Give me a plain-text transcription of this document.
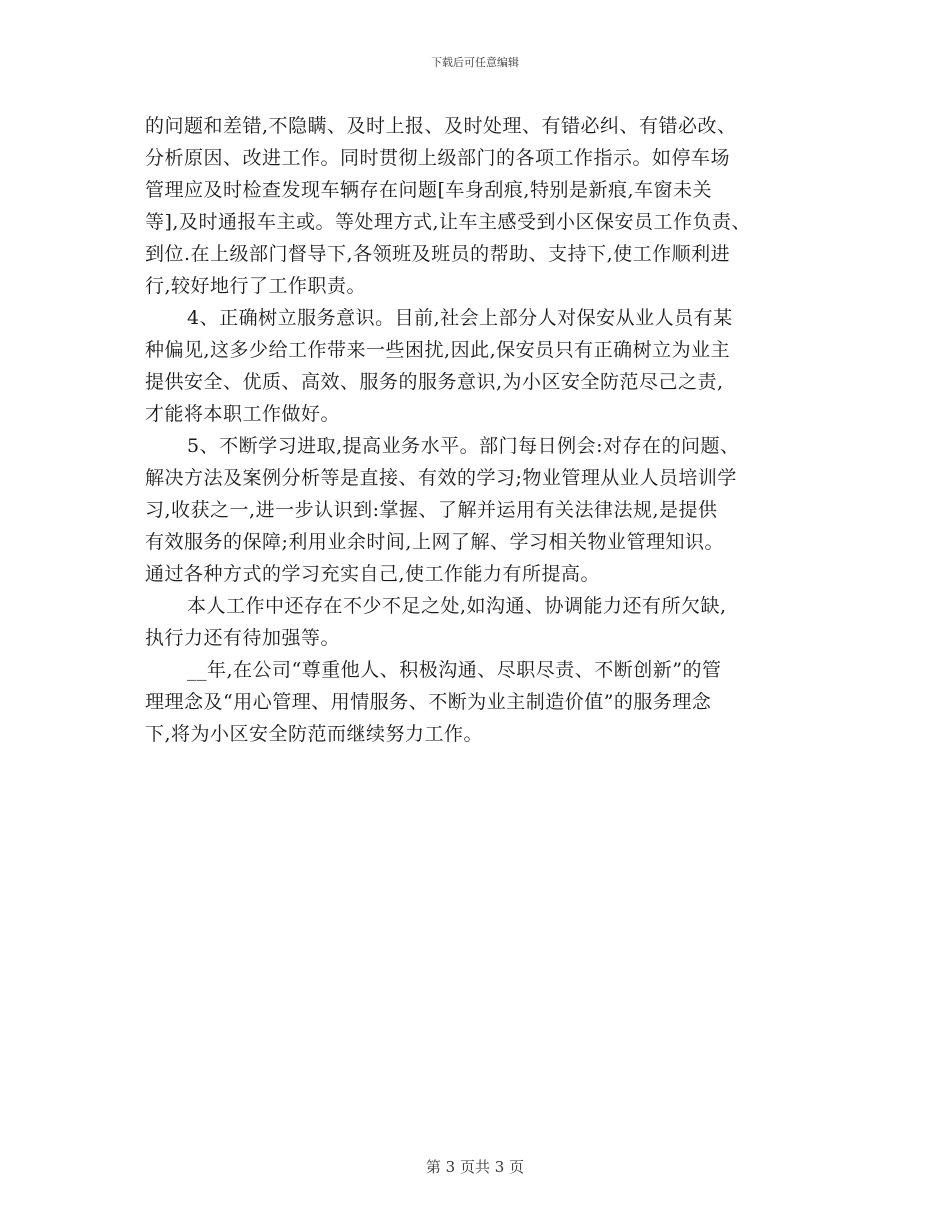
下载后可任意编辑
的问题和差错,不隐瞒、及时上报、及时处理、有错必纠、有错必改、
分析原因、改进工作。同时贯彻上级部门的各项工作指示。如停车场
管理应及时检查发现车辆存在问题[车身刮痕,特别是新痕,车窗未关
等],及时通报车主或。等处理方式,让车主感受到小区保安员工作负责、
到位.在上级部门督导下,各领班及班员的帮助、支持下,使工作顺利进
行,较好地行了工作职责。
4、正确树立服务意识。目前,社会上部分人对保安从业人员有某
种偏见,这多少给工作带来一些困扰,因此,保安员只有正确树立为业主
提供安全、优质、高效、服务的服务意识,为小区安全防范尽己之责,
才能将本职工作做好。
5、不断学习进取,提高业务水平。部门每日例会:对存在的问题、
解决方法及案例分析等是直接、有效的学习;物业管理从业人员培训学
习,收获之一,进一步认识到:掌握、了解并运用有关法律法规,是提供
有效服务的保障;利用业余时间,上网了解、学习相关物业管理知识。
通过各种方式的学习充实自己,使工作能力有所提高。
本人工作中还存在不少不足之处,如沟通、协调能力还有所欠缺,
执行力还有待加强等。
__年,在公司“尊重他人、积极沟通、尽职尽责、不断创新”的管
理理念及“用心管理、用情服务、不断为业主制造价值”的服务理念
下,将为小区安全防范而继续努力工作。
第 3 页共 3 页
